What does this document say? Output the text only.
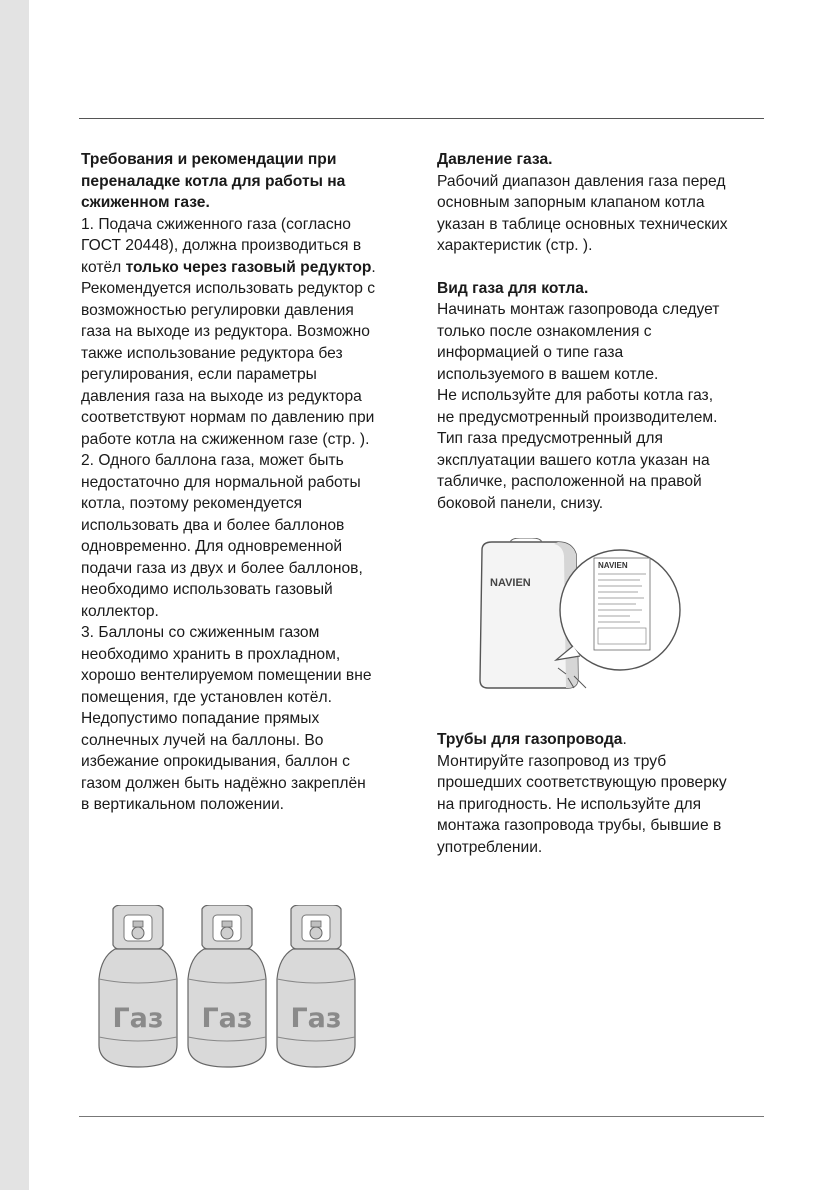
Требования и рекомендации при переналадке котла для работы на сжиженном газе.

1. Подача сжиженного газа (согласно ГОСТ 20448), должна производиться в котёл только через газовый редуктор. Рекомендуется использовать редуктор с возможностью регулировки давления газа на выходе из редуктора. Возможно также использование редуктора без регулирования, если параметры давления газа на выходе из редуктора соответствуют нормам по давлению при работе котла на сжиженном газе (стр. ).

2. Одного баллона газа, может быть недостаточно для нормальной работы котла, поэтому рекомендуется использовать два и более баллонов одновременно. Для одновременной подачи газа из двух и более баллонов, необходимо использовать газовый коллектор.

3. Баллоны со сжиженным газом необходимо хранить в прохладном, хорошо вентелируемом помещении вне помещения, где установлен котёл. Недопустимо попадание прямых солнечных лучей на баллоны. Во избежание опрокидывания, баллон с газом должен быть надёжно закреплён в вертикальном положении.

Давление газа.

Рабочий диапазон давления газа перед основным запорным клапаном котла указан в таблице основных технических характеристик (стр. ).

Вид газа для котла.

Начинать монтаж газопровода следует только после ознакомления с информацией о типе газа используемого в вашем котле.

Не используйте для работы котла газ, не предусмотренный производителем.

Тип газа предусмотренный для эксплуатации вашего котла указан на табличке, расположенной на правой боковой панели, снизу.

Трубы для газопровода.

Монтируйте газопровод из труб прошедших соответствующую проверку на пригодность. Не используйте для монтажа газопровода трубы, бывшие в употреблении.

NAVIEN
NAVIEN
Газ Газ Газ
